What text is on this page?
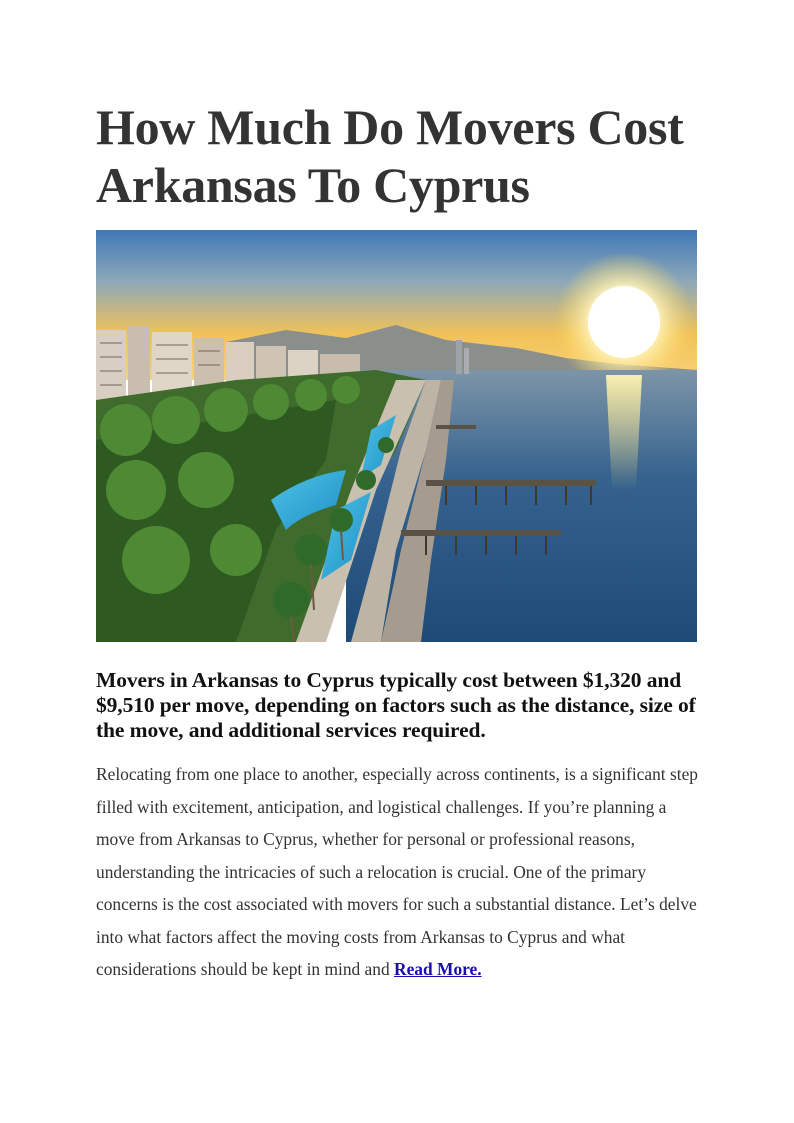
How Much Do Movers Cost Arkansas To Cyprus

Movers in Arkansas to Cyprus typically cost between $1,320 and $9,510 per move, depending on factors such as the distance, size of the move, and additional services required.

Relocating from one place to another, especially across continents, is a significant step filled with excitement, anticipation, and logistical challenges. If you’re planning a move from Arkansas to Cyprus, whether for personal or professional reasons, understanding the intricacies of such a relocation is crucial. One of the primary concerns is the cost associated with movers for such a substantial distance. Let’s delve into what factors affect the moving costs from Arkansas to Cyprus and what considerations should be kept in mind and Read More.
